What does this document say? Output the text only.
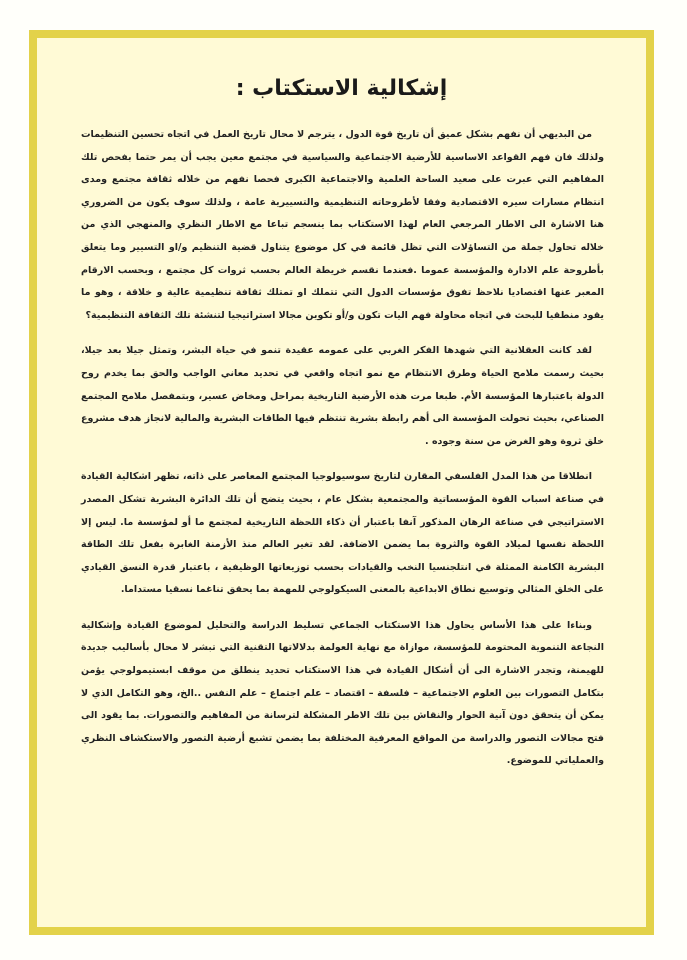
إشكالية الاستكتاب :

من البديهي أن نفهم بشكل عميق أن تاريخ قوة الدول ، يترجم لا محال تاريخ العمل في اتجاه تحسين التنظيمات ولذلك فان فهم القواعد الاساسية للأرضية الاجتماعية والسياسية في مجتمع معين يجب أن يمر حتما بفحص تلك المفاهيم التي عبرت على صعيد الساحة العلمية والاجتماعية الكبرى فحصا نفهم من خلاله ثقافة مجتمع ومدى انتظام مسارات سيره الاقتصادية وفقا لأطروحاته التنظيمية والتسييرية عامة ، ولذلك سوف يكون من الضروري هنا الاشارة الى الاطار المرجعي العام لهذا الاستكتاب بما ينسجم تباعا مع الاطار النظري والمنهجي الذي من خلاله تحاول جملة من التساؤلات التي تظل قائمة في كل موضوع يتناول قضية التنظيم و/او التسيير وما يتعلق بأطروحة علم الادارة والمؤسسة عموما .فعندما نقسم خريطة العالم بحسب ثروات كل مجتمع ، وبحسب الارقام المعبر عنها اقتصاديا نلاحظ تفوق مؤسسات الدول التي تتملك او تمتلك ثقافة تنظيمية عالية و خلاقة ، وهو ما يقود منطقيا للبحث في اتجاه محاولة فهم اليات تكون و/أو تكوين مجالا استراتيجيا لتنشئة تلك الثقافة التنظيمية؟

لقد كانت العقلانية التي شهدها الفكر الغربي على عمومه عقيدة تنمو في حياة البشر، وتمثل جيلا بعد جيلا، بحيث رسمت ملامح الحياة وطرق الانتظام مع نمو اتجاه واقعي في تحديد معاني الواجب والحق بما يخدم روح الدولة باعتبارها المؤسسة الأم. طبعا مرت هذه الأرضية التاريخية بمراحل ومخاض عسير، وبتمفصل ملامح المجتمع الصناعي، بحيث تحولت المؤسسة الى أهم رابطة بشرية تنتظم فيها الطاقات البشرية والمالية لانجاز هدف مشروع خلق ثروة وهو الغرض من سنة وجوده .

انطلاقا من هذا المدل الفلسفي المقارن لتاريخ سوسيولوجيا المجتمع المعاصر على ذاته، تظهر اشكالية القيادة في صناعة اسباب القوة المؤسساتية والمجتمعية بشكل عام ، بحيث يتضح أن تلك الدائرة البشرية تشكل المصدر الاستراتيجي في صناعة الرهان المذكور آنفا باعتبار أن ذكاء اللحظة التاريخية لمجتمع ما أو لمؤسسة ما. ليس إلا اللحظة نفسها لميلاد القوة والثروة بما يضمن الاضافة. لقد تغير العالم منذ الأزمنة الغابرة بفعل تلك الطاقة البشرية الكامنة الممثلة في انتلجنسيا النخب والقيادات بحسب توزيعاتها الوظيفية ، باعتبار قدرة النسق القيادي على الخلق المثالي وتوسيع نطاق الابداعية بالمعنى السيكولوجي للمهمة بما يحقق تناغما نسقيا مستداما.

وبناءا على هذا الأساس يحاول هذا الاستكتاب الجماعي تسليط الدراسة والتحليل لموضوع القيادة وإشكالية النجاعة التنموية المحتومة للمؤسسة، موازاة مع نهاية العولمة بدلالاتها التقنية التي تبشر لا محال بأساليب جديدة للهيمنة، وتجدر الاشارة الى أن أشكال القيادة في هذا الاستكتاب تحديد ينطلق من موقف ابستيمولوجي يؤمن بتكامل التصورات بين العلوم الاجتماعية – فلسفة – اقتصاد – علم اجتماع – علم النفس ..الخ، وهو التكامل الذي لا يمكن أن يتحقق دون آنية الحوار والنقاش بين تلك الاطر المشكلة لترسانة من المفاهيم والتصورات. بما يقود الى فتح مجالات التصور والدراسة من المواقع المعرفية المختلفة بما يضمن تشبع أرضية التصور والاستكشاف النظري والعملياتي للموضوع.
